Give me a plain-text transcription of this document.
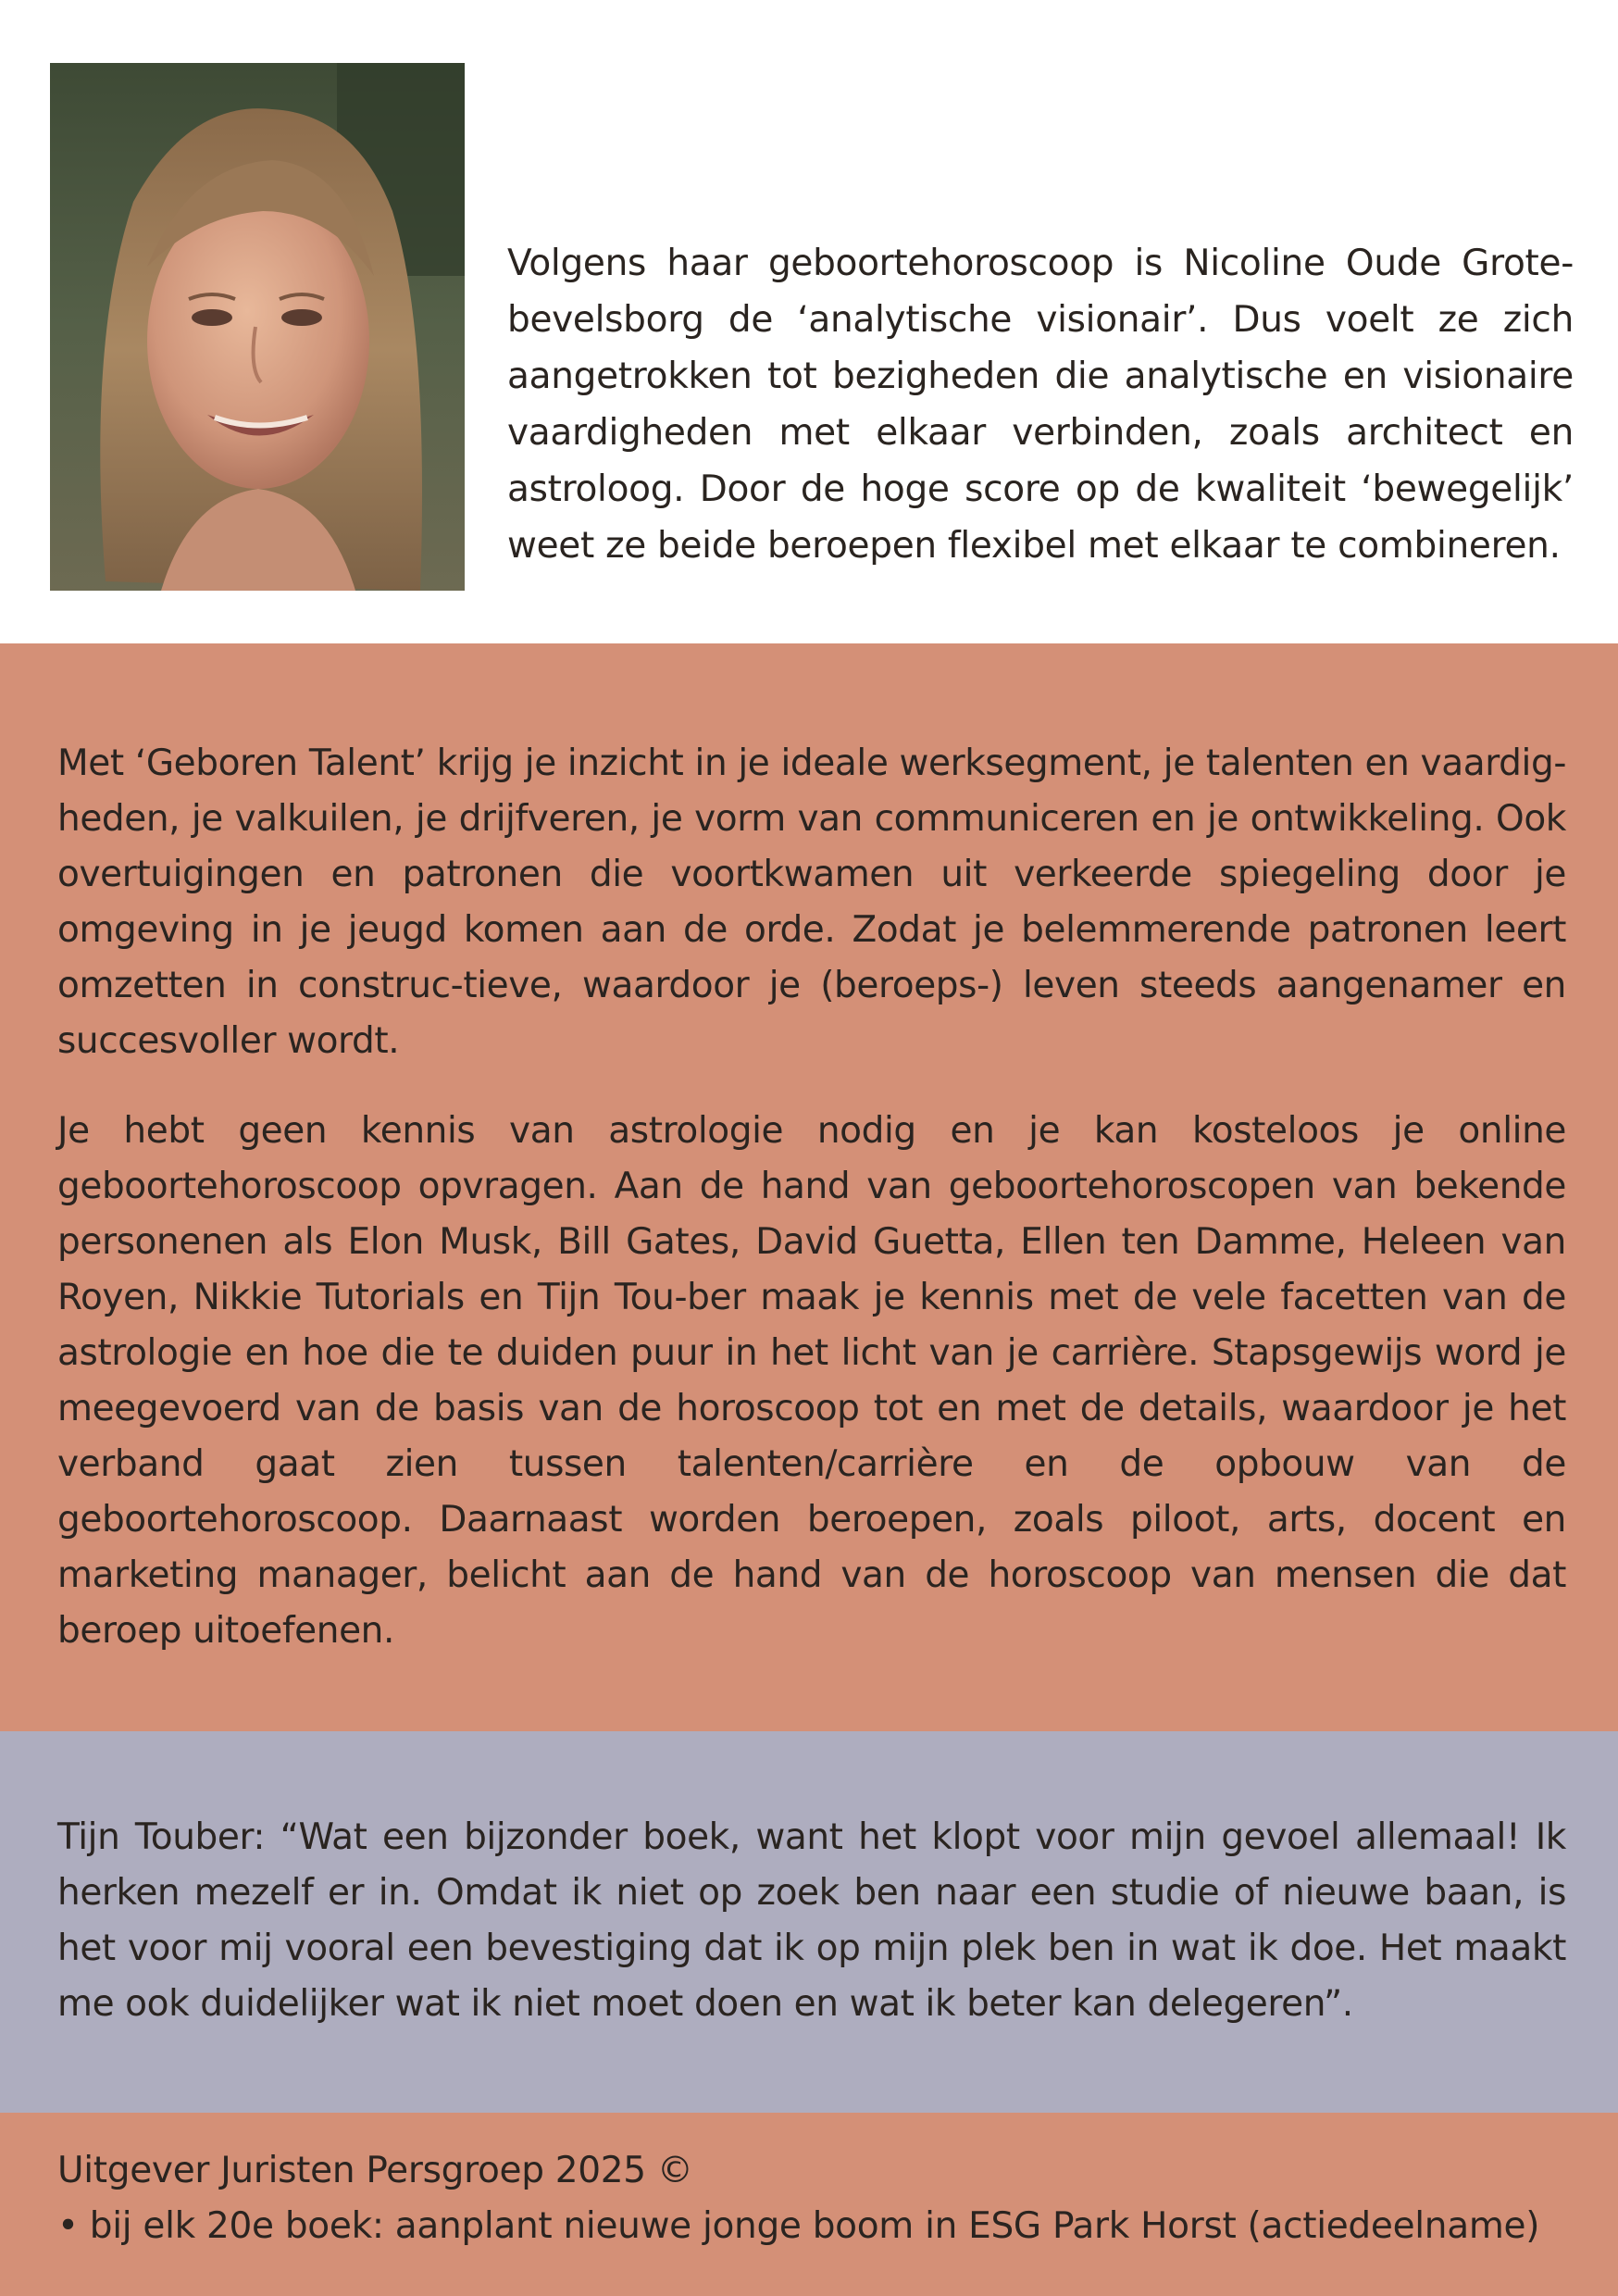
Volgens haar geboortehoroscoop is Nicoline Oude Grote-bevelsborg de ‘analytische visionair’. Dus voelt ze zich aangetrokken tot bezigheden die analytische en visionaire vaardigheden met elkaar verbinden, zoals architect en astroloog. Door de hoge score op de kwaliteit ‘bewegelijk’ weet ze beide beroepen flexibel met elkaar te combineren.

Met ‘Geboren Talent’ krijg je inzicht in je ideale werksegment, je talenten en vaardig-heden, je valkuilen, je drijfveren, je vorm van communiceren en je ontwikkeling. Ook overtuigingen en patronen die voortkwamen uit verkeerde spiegeling door je omgeving in je jeugd komen aan de orde. Zodat je belemmerende patronen leert omzetten in construc-tieve, waardoor je (beroeps-) leven steeds aangenamer en succesvoller wordt.

Je hebt geen kennis van astrologie nodig en je kan kosteloos je online geboortehoroscoop opvragen. Aan de hand van geboortehoroscopen van bekende personenen als Elon Musk, Bill Gates, David Guetta, Ellen ten Damme, Heleen van Royen, Nikkie Tutorials en Tijn Tou-ber maak je kennis met de vele facetten van de astrologie en hoe die te duiden puur in het licht van je carrière. Stapsgewijs word je meegevoerd van de basis van de horoscoop tot en met de details, waardoor je het verband gaat zien tussen talenten/carrière en de opbouw van de geboortehoroscoop. Daarnaast worden beroepen, zoals piloot, arts, docent en marketing manager, belicht aan de hand van de horoscoop van mensen die dat beroep uitoefenen.

Tijn Touber: “Wat een bijzonder boek, want het klopt voor mijn gevoel allemaal! Ik herken mezelf er in. Omdat ik niet op zoek ben naar een studie of nieuwe baan, is het voor mij vooral een bevestiging dat ik op mijn plek ben in wat ik doe. Het maakt me ook duidelijker wat ik niet moet doen en wat ik beter kan delegeren”.

Uitgever Juristen Persgroep 2025 ©

• bij elk 20e boek: aanplant nieuwe jonge boom in ESG Park Horst (actiedeelname)
